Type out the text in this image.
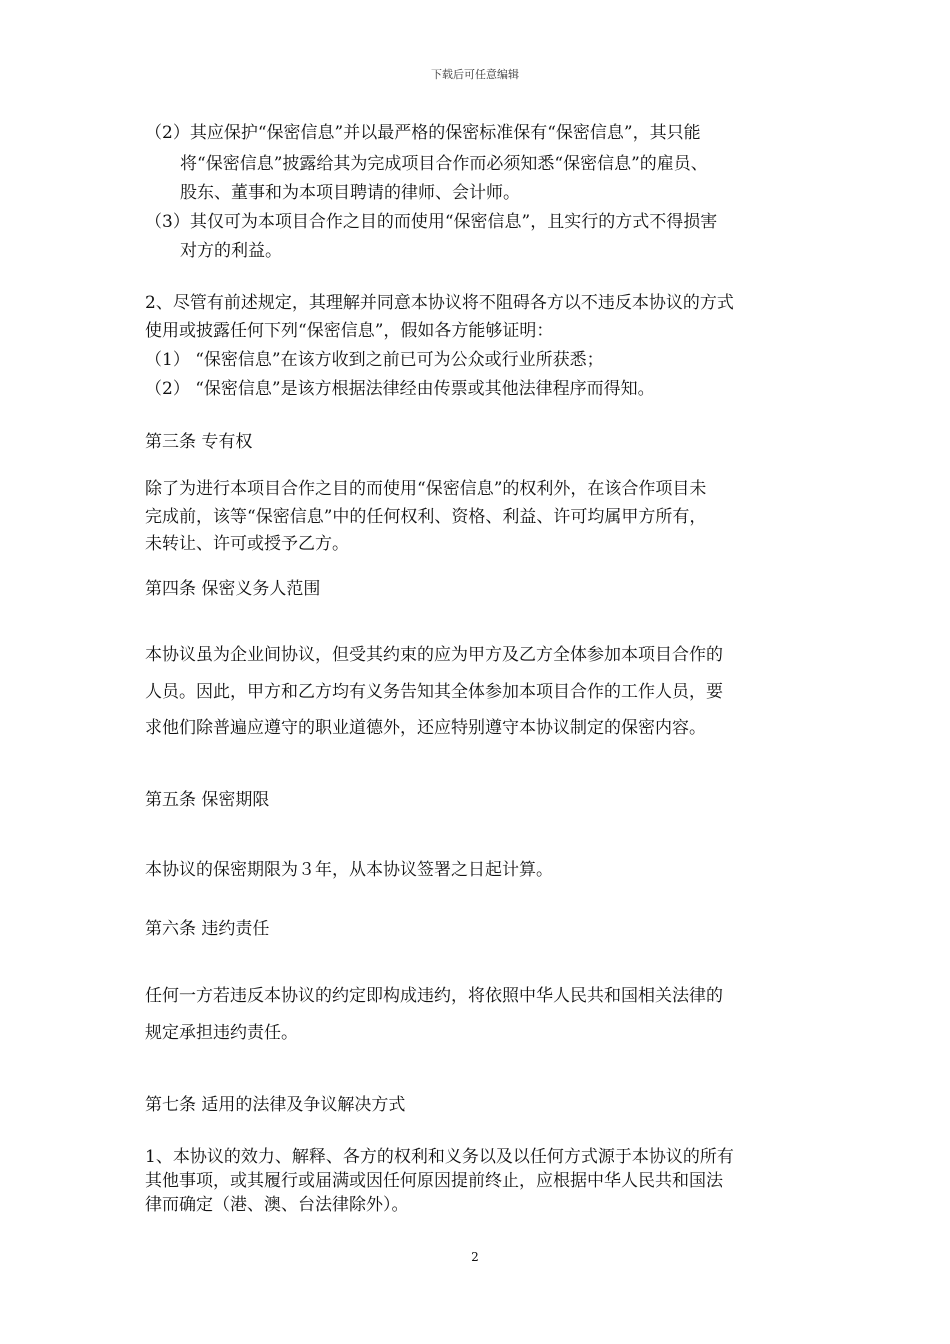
下载后可任意编辑
（2）其应保护“保密信息”并以最严格的保密标准保有“保密信息”，其只能
将“保密信息”披露给其为完成项目合作而必须知悉“保密信息”的雇员、
股东、董事和为本项目聘请的律师、会计师。
（3）其仅可为本项目合作之目的而使用“保密信息”，且实行的方式不得损害
对方的利益。
2、尽管有前述规定，其理解并同意本协议将不阻碍各方以不违反本协议的方式
使用或披露任何下列“保密信息”，假如各方能够证明：
（1） “保密信息”在该方收到之前已可为公众或行业所获悉；
（2） “保密信息”是该方根据法律经由传票或其他法律程序而得知。
第三条 专有权
除了为进行本项目合作之目的而使用“保密信息”的权利外，在该合作项目未
完成前，该等“保密信息”中的任何权利、资格、利益、许可均属甲方所有，
未转让、许可或授予乙方。
第四条 保密义务人范围
本协议虽为企业间协议，但受其约束的应为甲方及乙方全体参加本项目合作的
人员。因此，甲方和乙方均有义务告知其全体参加本项目合作的工作人员，要
求他们除普遍应遵守的职业道德外，还应特别遵守本协议制定的保密内容。
第五条 保密期限
本协议的保密期限为３年，从本协议签署之日起计算。
第六条 违约责任
任何一方若违反本协议的约定即构成违约，将依照中华人民共和国相关法律的
规定承担违约责任。
第七条 适用的法律及争议解决方式
1、本协议的效力、解释、各方的权利和义务以及以任何方式源于本协议的所有
其他事项，或其履行或届满或因任何原因提前终止，应根据中华人民共和国法
律而确定（港、澳、台法律除外）。
2
